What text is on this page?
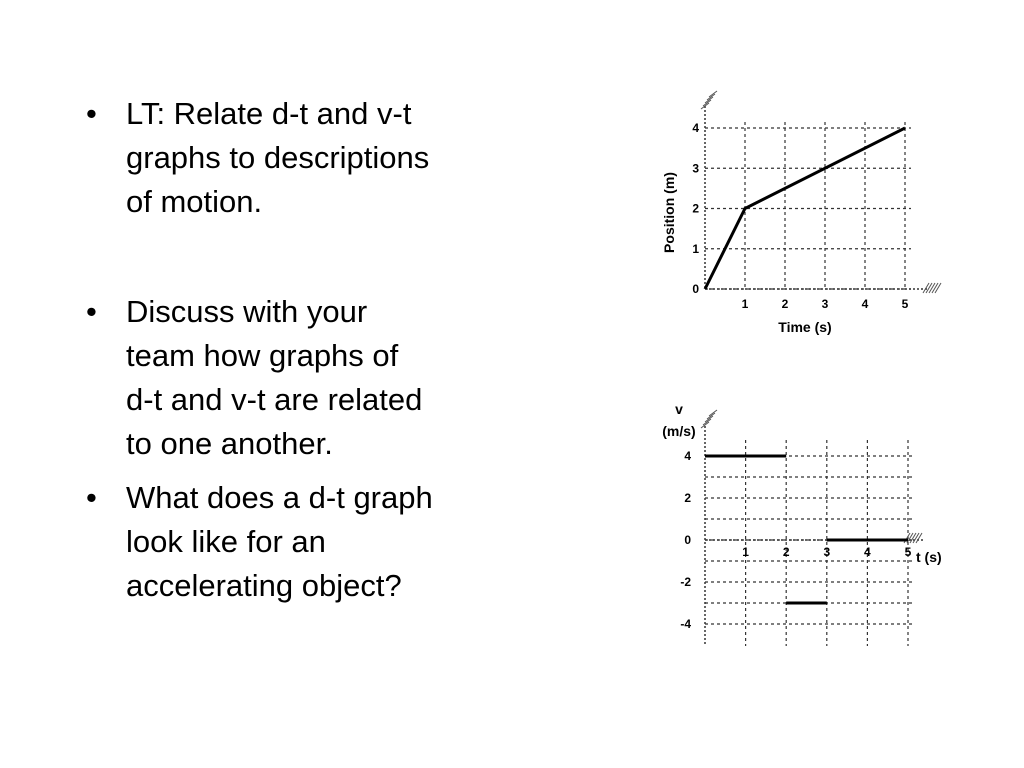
• LT: Relate d-t and v-t
graphs to descriptions
of motion.
• Discuss with your
team how graphs of
d-t and v-t are related
to one another.
• What does a d-t graph
look like for an
accelerating object?
1	2	3	4	5
0
1
2
3
4
Time (s)
Position (m)
1	2	3	4	5
4
2
0
-2
-4
t (s)
v
(m/s)
